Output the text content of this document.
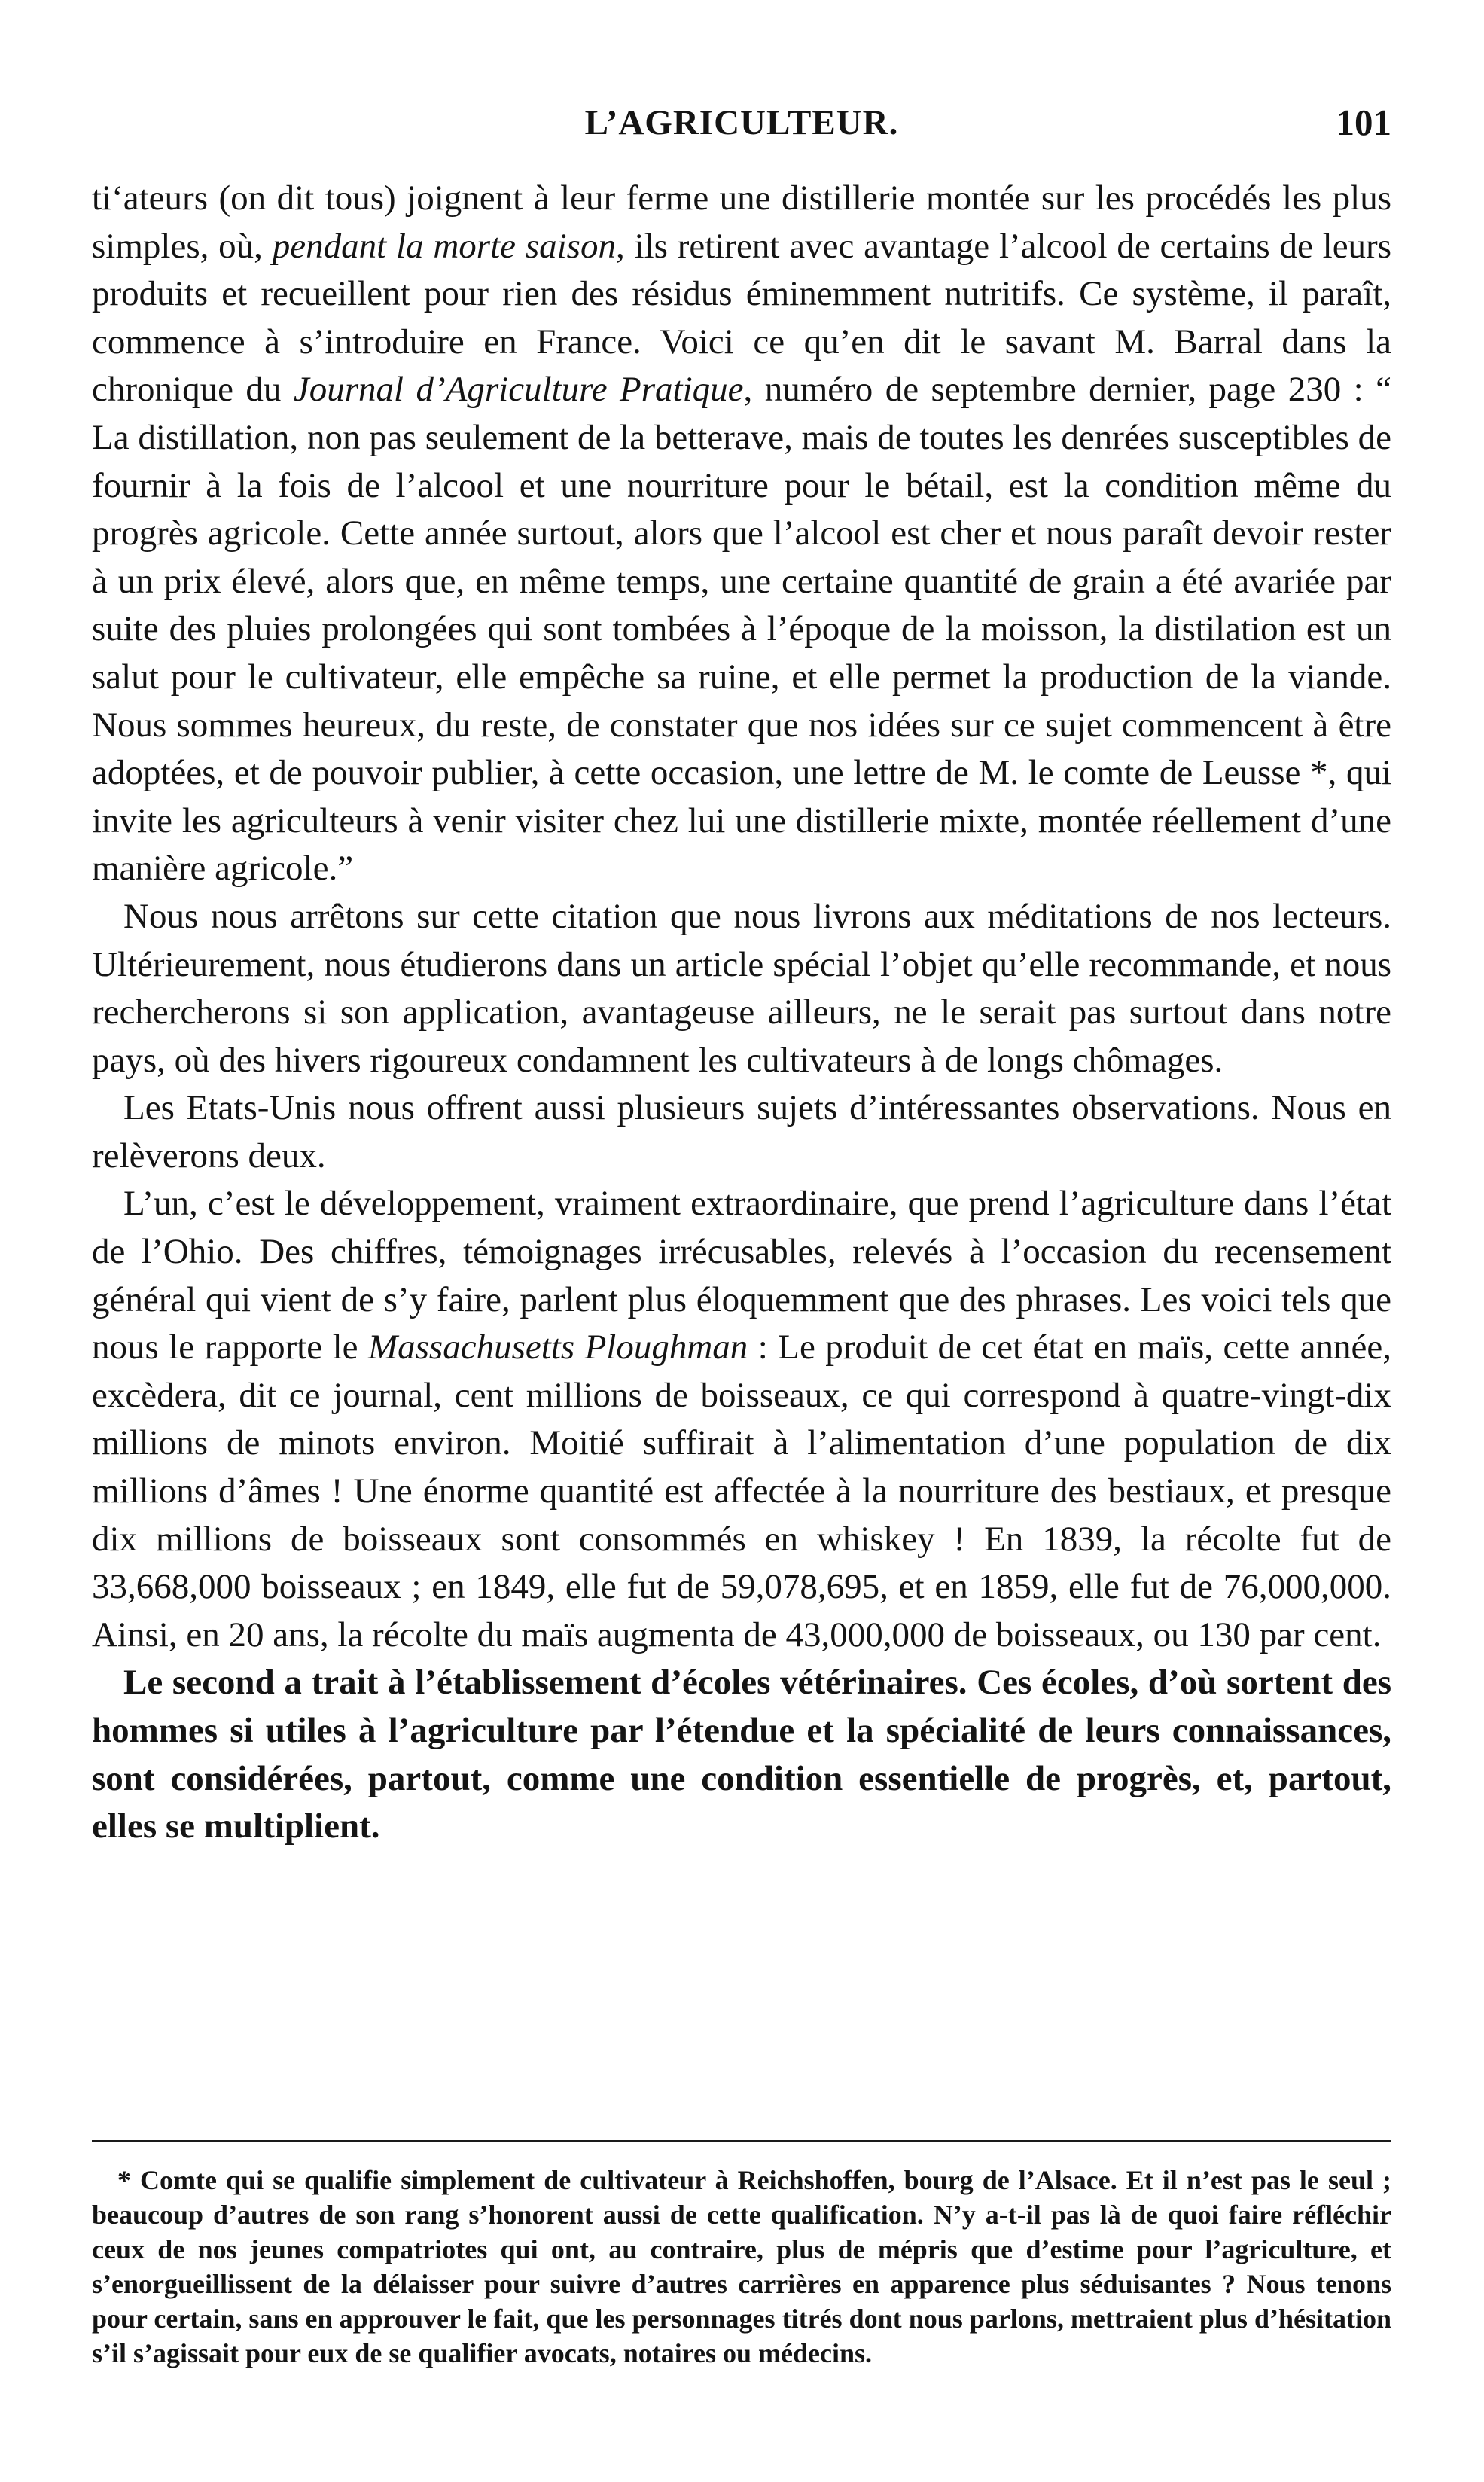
L’AGRICULTEUR.	101

ti‘ateurs (on dit tous) joignent à leur ferme une distillerie montée sur les procédés les plus simples, où, pendant la morte saison, ils retirent avec avantage l’alcool de certains de leurs produits et recueillent pour rien des résidus éminemment nutritifs. Ce système, il paraît, commence à s’introduire en France. Voici ce qu’en dit le savant M. Barral dans la chronique du Journal d’Agriculture Pratique, numéro de septembre dernier, page 230 : “ La distillation, non pas seulement de la betterave, mais de toutes les denrées susceptibles de fournir à la fois de l’alcool et une nourriture pour le bétail, est la condition même du progrès agricole. Cette année surtout, alors que l’alcool est cher et nous paraît devoir rester à un prix élevé, alors que, en même temps, une certaine quantité de grain a été avariée par suite des pluies prolongées qui sont tombées à l’époque de la moisson, la distilation est un salut pour le cultivateur, elle empêche sa ruine, et elle permet la production de la viande. Nous sommes heureux, du reste, de constater que nos idées sur ce sujet commencent à être adoptées, et de pouvoir publier, à cette occasion, une lettre de M. le comte de Leusse *, qui invite les agriculteurs à venir visiter chez lui une distillerie mixte, montée réellement d’une manière agricole.”

Nous nous arrêtons sur cette citation que nous livrons aux méditations de nos lecteurs. Ultérieurement, nous étudierons dans un article spécial l’objet qu’elle recommande, et nous rechercherons si son application, avantageuse ailleurs, ne le serait pas surtout dans notre pays, où des hivers rigoureux condamnent les cultivateurs à de longs chômages.

Les Etats-Unis nous offrent aussi plusieurs sujets d’intéressantes observations. Nous en relèverons deux.

L’un, c’est le développement, vraiment extraordinaire, que prend l’agriculture dans l’état de l’Ohio. Des chiffres, témoignages irrécusables, relevés à l’occasion du recensement général qui vient de s’y faire, parlent plus éloquemment que des phrases. Les voici tels que nous le rapporte le Massachusetts Ploughman : Le produit de cet état en maïs, cette année, excèdera, dit ce journal, cent millions de boisseaux, ce qui correspond à quatre-vingt-dix millions de minots environ. Moitié suffirait à l’alimentation d’une population de dix millions d’âmes ! Une énorme quantité est affectée à la nourriture des bestiaux, et presque dix millions de boisseaux sont consommés en whiskey ! En 1839, la récolte fut de 33,668,000 boisseaux ; en 1849, elle fut de 59,078,695, et en 1859, elle fut de 76,000,000. Ainsi, en 20 ans, la récolte du maïs augmenta de 43,000,000 de boisseaux, ou 130 par cent.

Le second a trait à l’établissement d’écoles vétérinaires. Ces écoles, d’où sortent des hommes si utiles à l’agriculture par l’étendue et la spécialité de leurs connaissances, sont considérées, partout, comme une condition essentielle de progrès, et, partout, elles se multiplient.

* Comte qui se qualifie simplement de cultivateur à Reichshoffen, bourg de l’Alsace. Et il n’est pas le seul ; beaucoup d’autres de son rang s’honorent aussi de cette qualification. N’y a-t-il pas là de quoi faire réfléchir ceux de nos jeunes compatriotes qui ont, au contraire, plus de mépris que d’estime pour l’agriculture, et s’enorgueillissent de la délaisser pour suivre d’autres carrières en apparence plus séduisantes ? Nous tenons pour certain, sans en approuver le fait, que les personnages titrés dont nous parlons, mettraient plus d’hésitation s’il s’agissait pour eux de se qualifier avocats, notaires ou médecins.
